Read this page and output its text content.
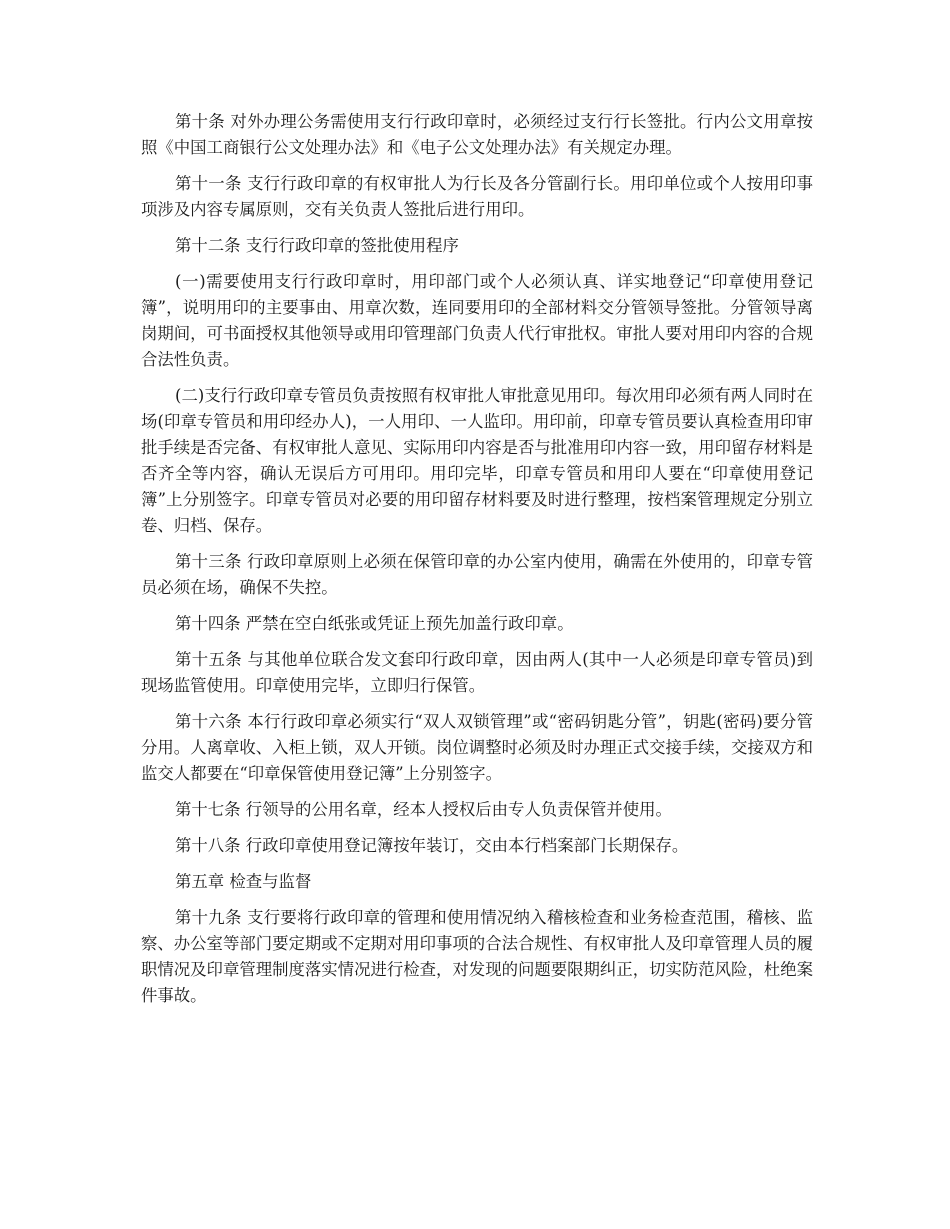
第十条 对外办理公务需使用支行行政印章时，必须经过支行行长签批。行内公文用章按照《中国工商银行公文处理办法》和《电子公文处理办法》有关规定办理。

第十一条 支行行政印章的有权审批人为行长及各分管副行长。用印单位或个人按用印事项涉及内容专属原则，交有关负责人签批后进行用印。

第十二条 支行行政印章的签批使用程序

(一)需要使用支行行政印章时，用印部门或个人必须认真、详实地登记“印章使用登记簿”，说明用印的主要事由、用章次数，连同要用印的全部材料交分管领导签批。分管领导离岗期间，可书面授权其他领导或用印管理部门负责人代行审批权。审批人要对用印内容的合规合法性负责。

(二)支行行政印章专管员负责按照有权审批人审批意见用印。每次用印必须有两人同时在场(印章专管员和用印经办人)，一人用印、一人监印。用印前，印章专管员要认真检查用印审批手续是否完备、有权审批人意见、实际用印内容是否与批准用印内容一致，用印留存材料是否齐全等内容，确认无误后方可用印。用印完毕，印章专管员和用印人要在“印章使用登记簿”上分别签字。印章专管员对必要的用印留存材料要及时进行整理，按档案管理规定分别立卷、归档、保存。

第十三条 行政印章原则上必须在保管印章的办公室内使用，确需在外使用的，印章专管员必须在场，确保不失控。

第十四条 严禁在空白纸张或凭证上预先加盖行政印章。

第十五条 与其他单位联合发文套印行政印章，因由两人(其中一人必须是印章专管员)到现场监管使用。印章使用完毕，立即归行保管。

第十六条 本行行政印章必须实行“双人双锁管理”或“密码钥匙分管”，钥匙(密码)要分管分用。人离章收、入柜上锁，双人开锁。岗位调整时必须及时办理正式交接手续，交接双方和监交人都要在“印章保管使用登记簿”上分别签字。

第十七条 行领导的公用名章，经本人授权后由专人负责保管并使用。

第十八条 行政印章使用登记簿按年装订，交由本行档案部门长期保存。

第五章 检查与监督

第十九条 支行要将行政印章的管理和使用情况纳入稽核检查和业务检查范围，稽核、监察、办公室等部门要定期或不定期对用印事项的合法合规性、有权审批人及印章管理人员的履职情况及印章管理制度落实情况进行检查，对发现的问题要限期纠正，切实防范风险，杜绝案件事故。
